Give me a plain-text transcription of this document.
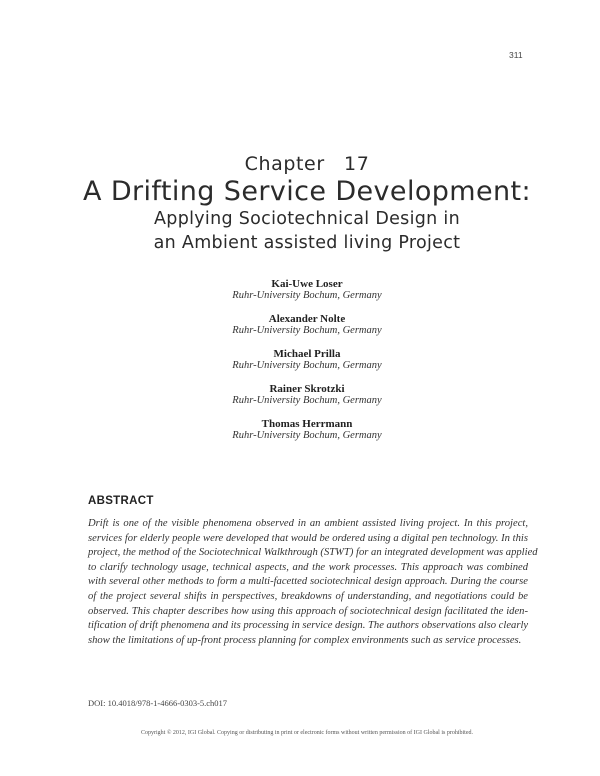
311
Chapter  17
A Drifting Service Development:
Applying Sociotechnical Design in
an Ambient assisted living Project
Kai-Uwe Loser
Ruhr-University Bochum, Germany
Alexander Nolte
Ruhr-University Bochum, Germany
Michael Prilla
Ruhr-University Bochum, Germany
Rainer Skrotzki
Ruhr-University Bochum, Germany
Thomas Herrmann
Ruhr-University Bochum, Germany
ABSTRACT
Drift is one of the visible phenomena observed in an ambient assisted living project. In this project,
services for elderly people were developed that would be ordered using a digital pen technology. In this
project, the method of the Sociotechnical Walkthrough (STWT) for an integrated development was applied
to clarify technology usage, technical aspects, and the work processes. This approach was combined
with several other methods to form a multi-facetted sociotechnical design approach. During the course
of the project several shifts in perspectives, breakdowns of understanding, and negotiations could be
observed. This chapter describes how using this approach of sociotechnical design facilitated the iden-
tification of drift phenomena and its processing in service design. The authors observations also clearly
show the limitations of up-front process planning for complex environments such as service processes.
DOI: 10.4018/978-1-4666-0303-5.ch017
Copyright © 2012, IGI Global. Copying or distributing in print or electronic forms without written permission of IGI Global is prohibited.
